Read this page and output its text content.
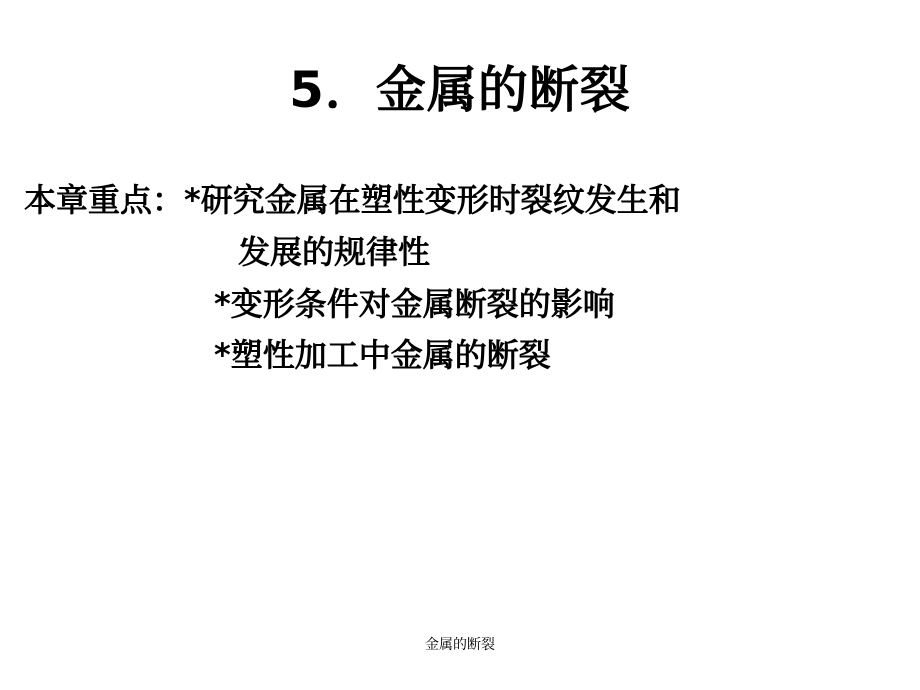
5．金属的断裂
本章重点：*研究金属在塑性变形时裂纹发生和
发展的规律性
*变形条件对金属断裂的影响
*塑性加工中金属的断裂
金属的断裂
